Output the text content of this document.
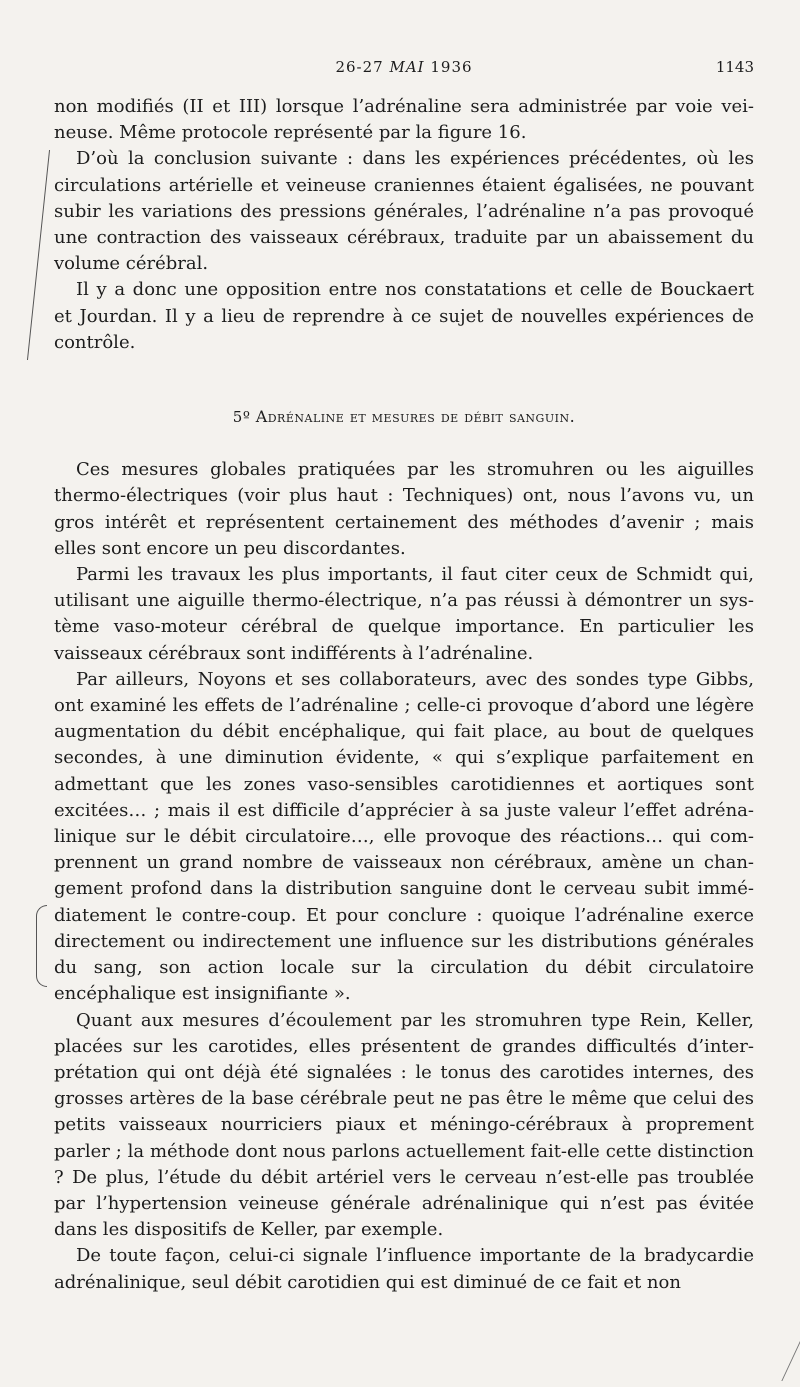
26-27 MAI 1936	1143

non modifiés (II et III) lorsque l’adrénaline sera administrée par voie veineuse. Même protocole représenté par la figure 16.

D’où la conclusion suivante : dans les expériences précédentes, où les circulations artérielle et veineuse craniennes étaient égalisées, ne pouvant subir les variations des pressions générales, l’adrénaline n’a pas provoqué une contraction des vaisseaux cérébraux, traduite par un abaissement du volume cérébral.

Il y a donc une opposition entre nos constatations et celle de Bouckaert et Jourdan. Il y a lieu de reprendre à ce sujet de nouvelles expériences de contrôle.

5º Adrénaline et mesures de débit sanguin.

Ces mesures globales pratiquées par les stromuhren ou les aiguilles thermo-électriques (voir plus haut : Techniques) ont, nous l’avons vu, un gros intérêt et représentent certainement des méthodes d’avenir ; mais elles sont encore un peu discordantes.

Parmi les travaux les plus importants, il faut citer ceux de Schmidt qui, utilisant une aiguille thermo-électrique, n’a pas réussi à démontrer un système vaso-moteur cérébral de quelque importance. En particulier les vaisseaux cérébraux sont indifférents à l’adrénaline.

Par ailleurs, Noyons et ses collaborateurs, avec des sondes type Gibbs, ont examiné les effets de l’adrénaline ; celle-ci provoque d’abord une légère augmentation du débit encéphalique, qui fait place, au bout de quelques secondes, à une diminution évidente, « qui s’explique parfaitement en admettant que les zones vaso-sensibles carotidiennes et aortiques sont excitées… ; mais il est difficile d’apprécier à sa juste valeur l’effet adrénalinique sur le débit circulatoire…, elle provoque des réactions… qui comprennent un grand nombre de vaisseaux non cérébraux, amène un changement profond dans la distribution sanguine dont le cerveau subit immédiatement le contre-coup. Et pour conclure : quoique l’adrénaline exerce directement ou indirectement une influence sur les distributions générales du sang, son action locale sur la circulation du débit circulatoire encéphalique est insignifiante ».

Quant aux mesures d’écoulement par les stromuhren type Rein, Keller, placées sur les carotides, elles présentent de grandes difficultés d’interprétation qui ont déjà été signalées : le tonus des carotides internes, des grosses artères de la base cérébrale peut ne pas être le même que celui des petits vaisseaux nourriciers piaux et méningo-cérébraux à proprement parler ; la méthode dont nous parlons actuellement fait-elle cette distinction ? De plus, l’étude du débit artériel vers le cerveau n’est-elle pas troublée par l’hypertension veineuse générale adrénalinique qui n’est pas évitée dans les dispositifs de Keller, par exemple.

De toute façon, celui-ci signale l’influence importante de la bradycardie adrénalinique, seul débit carotidien qui est diminué de ce fait et non
